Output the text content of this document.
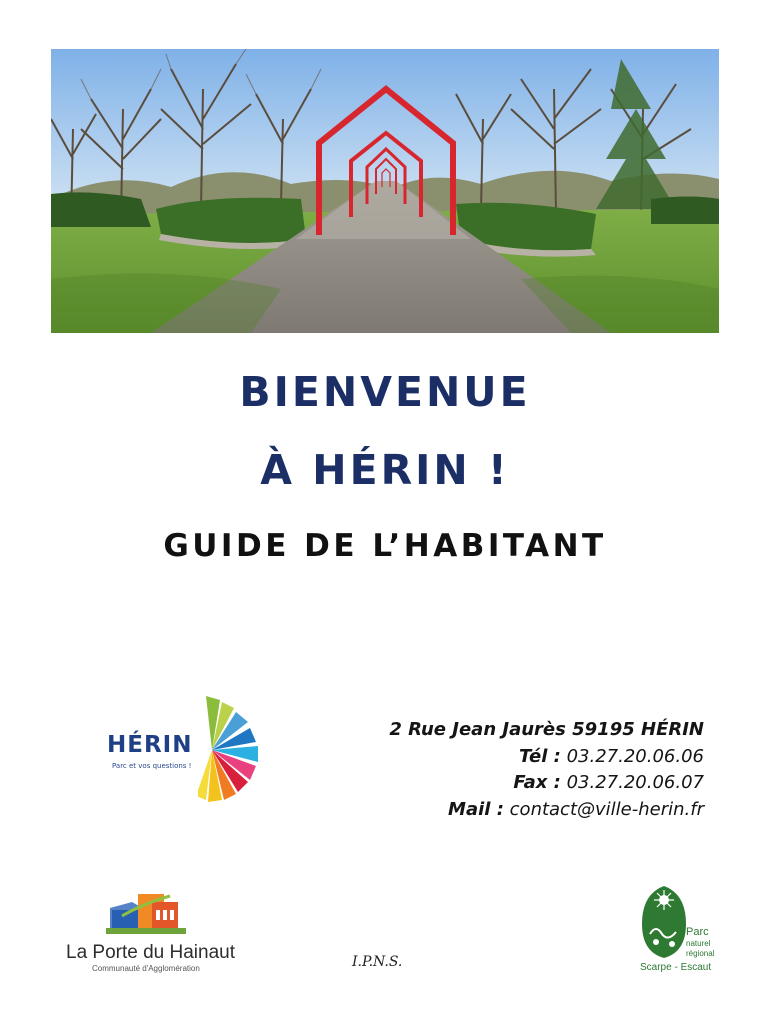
BIENVENUE
À HÉRIN !
GUIDE DE L’HABITANT
HÉRIN
Parc et vos questions !
2 Rue Jean Jaurès 59195 HÉRIN
Tél : 03.27.20.06.06
Fax : 03.27.20.06.07
Mail : contact@ville-herin.fr
La Porte du Hainaut
Communauté d'Agglomération	I.P.N.S.
Parc
naturel
régional
Scarpe - Escaut
